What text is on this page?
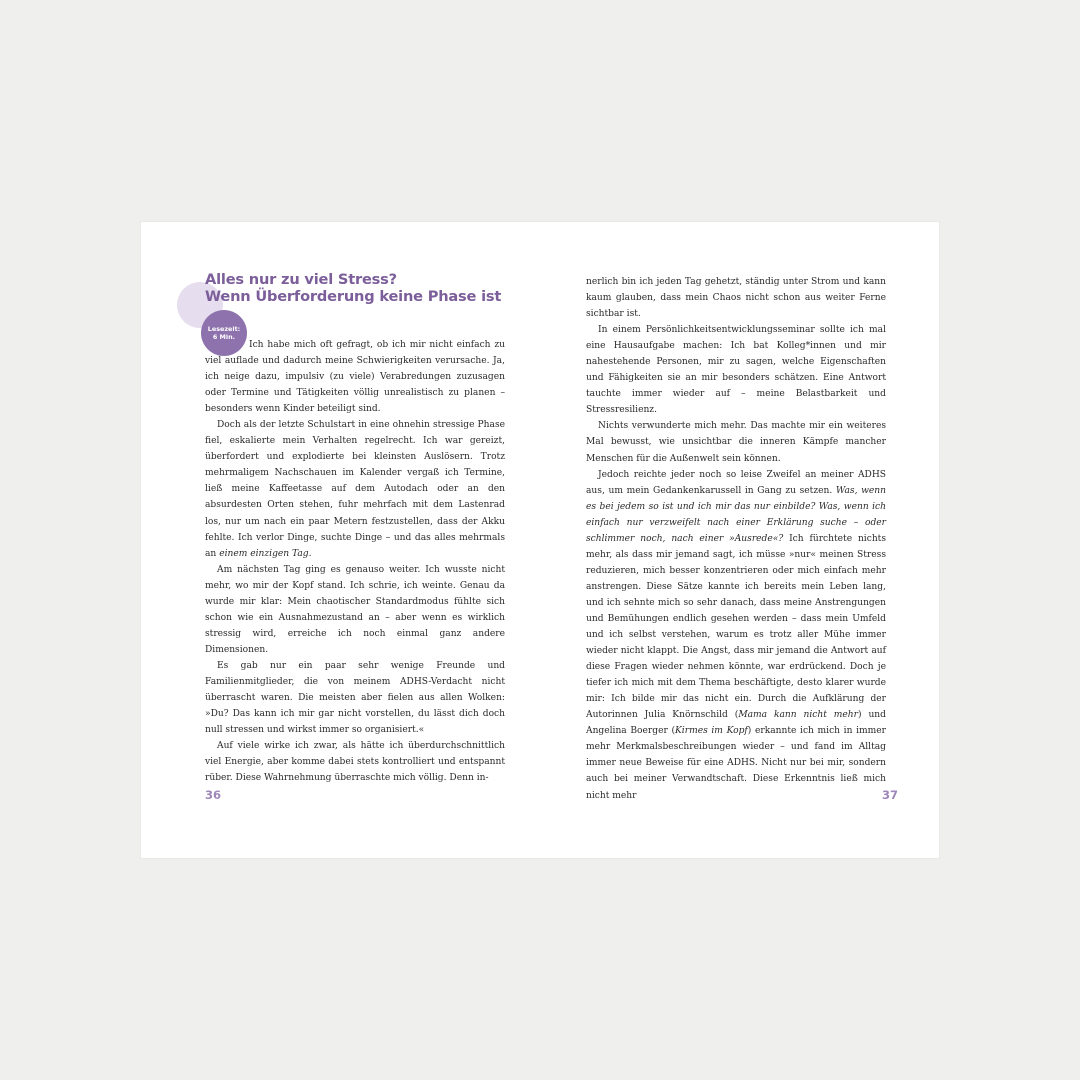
Alles nur zu viel Stress?
Wenn Überforderung keine Phase ist
Lesezeit:
6 Min.

Ich habe mich oft gefragt, ob ich mir nicht einfach zu viel auflade und dadurch meine Schwierigkeiten verursache. Ja, ich neige dazu, impulsiv (zu viele) Verabredungen zuzusagen oder Termine und Tätigkeiten völlig unrealistisch zu planen – besonders wenn Kinder beteiligt sind.

Doch als der letzte Schulstart in eine ohnehin stressige Phase fiel, eskalierte mein Verhalten regelrecht. Ich war gereizt, überfordert und explodierte bei kleinsten Auslösern. Trotz mehrmaligem Nachschauen im Kalender vergaß ich Termine, ließ meine Kaffeetasse auf dem Autodach oder an den absurdesten Orten stehen, fuhr mehrfach mit dem Lastenrad los, nur um nach ein paar Metern festzustellen, dass der Akku fehlte. Ich verlor Dinge, suchte Dinge – und das alles mehrmals an einem einzigen Tag.

Am nächsten Tag ging es genauso weiter. Ich wusste nicht mehr, wo mir der Kopf stand. Ich schrie, ich weinte. Genau da wurde mir klar: Mein chaotischer Standardmodus fühlte sich schon wie ein Ausnahmezustand an – aber wenn es wirklich stressig wird, erreiche ich noch einmal ganz andere Dimensionen.

Es gab nur ein paar sehr wenige Freunde und Familienmitglieder, die von meinem ADHS-Verdacht nicht überrascht waren. Die meisten aber fielen aus allen Wolken: »Du? Das kann ich mir gar nicht vorstellen, du lässt dich doch null stressen und wirkst immer so organisiert.«

Auf viele wirke ich zwar, als hätte ich überdurchschnittlich viel Energie, aber komme dabei stets kontrolliert und entspannt rüber. Diese Wahrnehmung überraschte mich völlig. Denn in-

36

nerlich bin ich jeden Tag gehetzt, ständig unter Strom und kann kaum glauben, dass mein Chaos nicht schon aus weiter Ferne sichtbar ist.

In einem Persönlichkeitsentwicklungsseminar sollte ich mal eine Hausaufgabe machen: Ich bat Kolleg*innen und mir nahestehende Personen, mir zu sagen, welche Eigenschaften und Fähigkeiten sie an mir besonders schätzen. Eine Antwort tauchte immer wieder auf – meine Belastbarkeit und Stressresilienz.

Nichts verwunderte mich mehr. Das machte mir ein weiteres Mal bewusst, wie unsichtbar die inneren Kämpfe mancher Menschen für die Außenwelt sein können.

Jedoch reichte jeder noch so leise Zweifel an meiner ADHS aus, um mein Gedankenkarussell in Gang zu setzen. Was, wenn es bei jedem so ist und ich mir das nur einbilde? Was, wenn ich einfach nur verzweifelt nach einer Erklärung suche – oder schlimmer noch, nach einer »Ausrede«? Ich fürchtete nichts mehr, als dass mir jemand sagt, ich müsse »nur« meinen Stress reduzieren, mich besser konzentrieren oder mich einfach mehr anstrengen. Diese Sätze kannte ich bereits mein Leben lang, und ich sehnte mich so sehr danach, dass meine Anstrengungen und Bemühungen endlich gesehen werden – dass mein Umfeld und ich selbst verstehen, warum es trotz aller Mühe immer wieder nicht klappt. Die Angst, dass mir jemand die Antwort auf diese Fragen wieder nehmen könnte, war erdrückend. Doch je tiefer ich mich mit dem Thema beschäftigte, desto klarer wurde mir: Ich bilde mir das nicht ein. Durch die Aufklärung der Autorinnen Julia Knörnschild (Mama kann nicht mehr) und Angelina Boerger (Kirmes im Kopf) erkannte ich mich in immer mehr Merkmalsbeschreibungen wieder – und fand im Alltag immer neue Beweise für eine ADHS. Nicht nur bei mir, sondern auch bei meiner Verwandtschaft. Diese Erkenntnis ließ mich nicht mehr	37
